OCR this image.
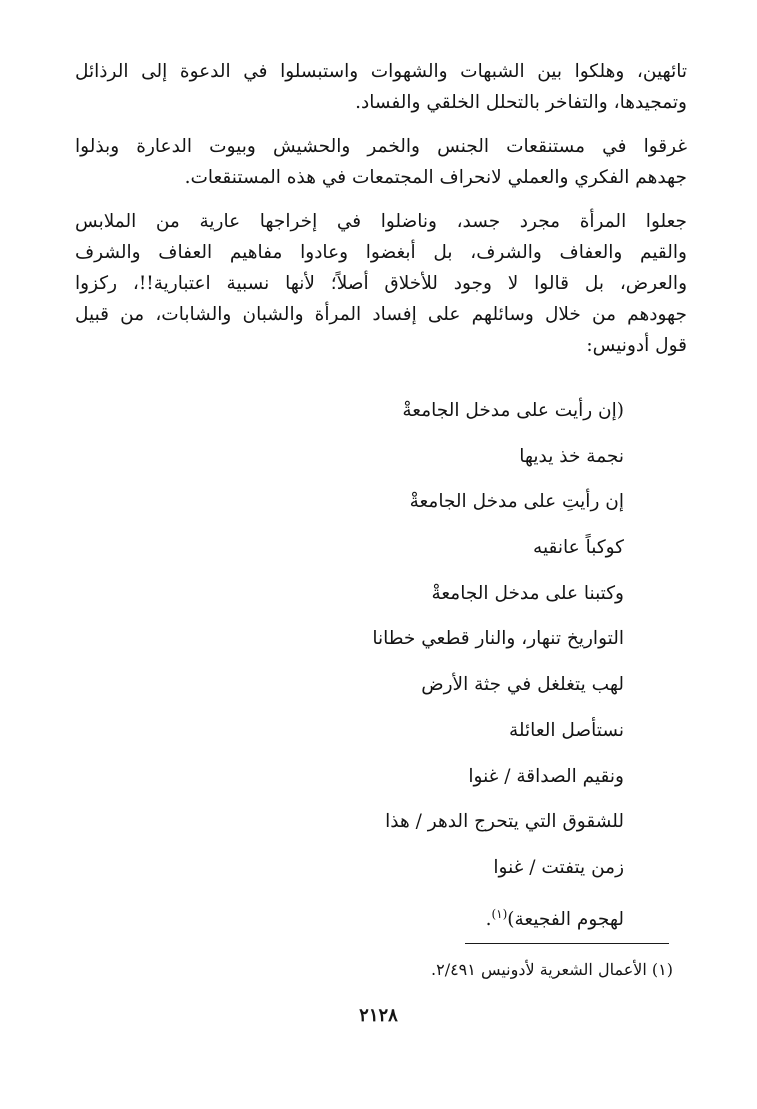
تائهين، وهلكوا بين الشبهات والشهوات واستبسلوا في الدعوة إلى الرذائل
وتمجيدها، والتفاخر بالتحلل الخلقي والفساد.

غرقوا في مستنقعات الجنس والخمر والحشيش وبيوت الدعارة وبذلوا
جهدهم الفكري والعملي لانحراف المجتمعات في هذه المستنقعات.

جعلوا المرأة مجرد جسد، وناضلوا في إخراجها عارية من الملابس
والقيم والعفاف والشرف، بل أبغضوا وعادوا مفاهيم العفاف والشرف
والعرض، بل قالوا لا وجود للأخلاق أصلاً؛ لأنها نسبية اعتبارية!!، ركزوا
جهودهم من خلال وسائلهم على إفساد المرأة والشبان والشابات، من قبيل
قول أدونيس:

(إن رأيت على مدخل الجامعةْ
نجمة خذ يديها
إن رأيتِ على مدخل الجامعةْ
كوكباً عانقيه
وكتبنا على مدخل الجامعةْ
التواريخ تنهار، والنار قطعي خطانا
لهب يتغلغل في جثة الأرض
نستأصل العائلة
ونقيم الصداقة / غنوا
للشقوق التي يتحرج الدهر / هذا
زمن يتفتت / غنوا
لهجوم الفجيعة)$^{(١)}$.
(١) الأعمال الشعرية لأدونيس ٢/٤٩١.
٢١٢٨
